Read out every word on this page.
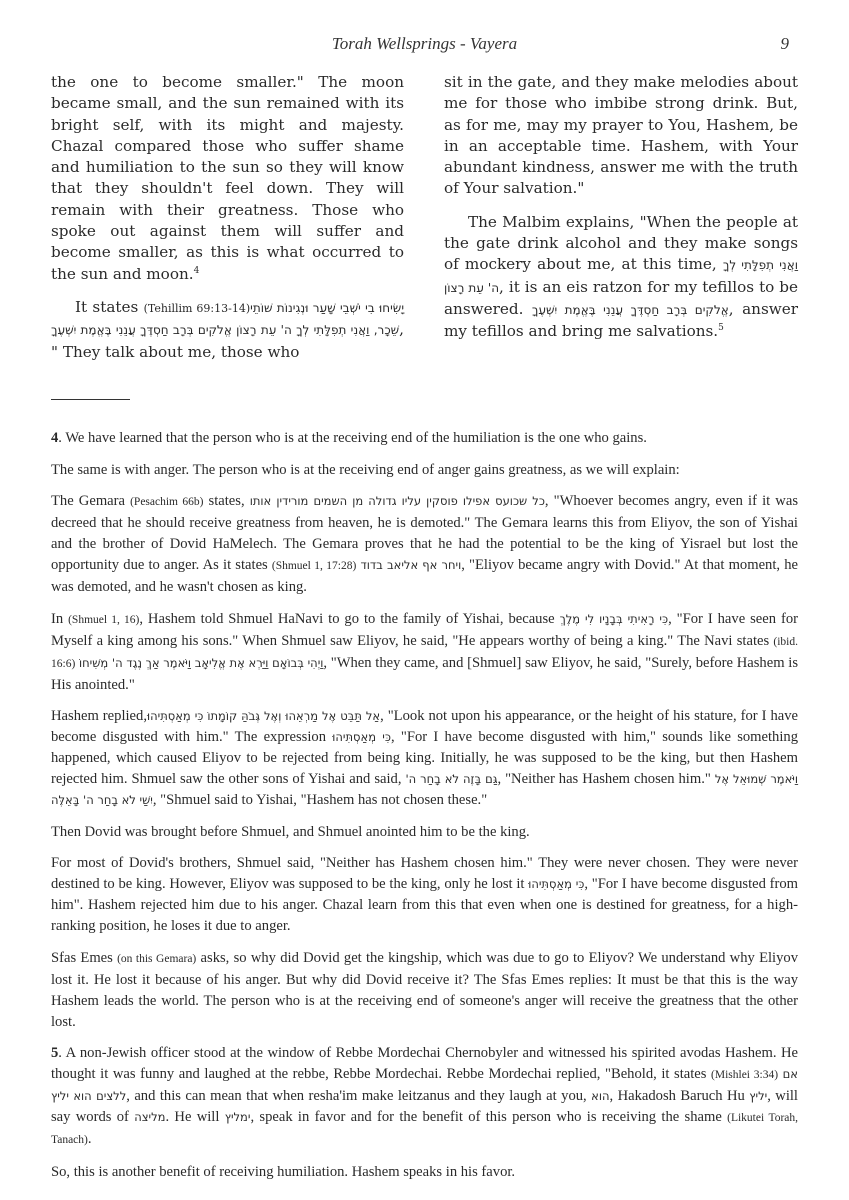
Torah Wellsprings - Vayera	9

the one to become smaller." The moon became small, and the sun remained with its bright self, with its might and majesty. Chazal compared those who suffer shame and humiliation to the sun so they will know that they shouldn't feel down. They will remain with their greatness. Those who spoke out against them will suffer and become smaller, as this is what occurred to the sun and moon.$^4$

It states (Tehillim 69:13-14)יָשִׂיחוּ בִי יֹשְׁבֵי שָׁעַר וּנְגִינוֹת שׁוֹתֵי שֵׁכָר, וַאֲנִי תְפִלָּתִי לְךָ ה' עֵת רָצוֹן אֱלֹקִים בְּרָב חַסְדֶּךָ עֲנֵנִי בֶּאֱמֶת יִשְׁעֶךָ, " They talk about me, those who

sit in the gate, and they make melodies about me for those who imbibe strong drink. But, as for me, may my prayer to You, Hashem, be in an acceptable time. Hashem, with Your abundant kindness, answer me with the truth of Your salvation."

The Malbim explains, "When the people at the gate drink alcohol and they make songs of mockery about me, at this time, וַאֲנִי תְפִלָּתִי לְךָ ה' עֵת רָצוֹן, it is an eis ratzon for my tefillos to be answered. אֱלֹקִים בְּרָב חַסְדֶּךָ עֲנֵנִי בֶּאֱמֶת יִשְׁעֶךָ, answer my tefillos and bring me salvations.$^5$

4. We have learned that the person who is at the receiving end of the humiliation is the one who gains.

The same is with anger. The person who is at the receiving end of anger gains greatness, as we will explain:

The Gemara (Pesachim 66b) states, כל שכועס אפילו פוסקין עליו גדולה מן השמים מורידין אותו, "Whoever becomes angry, even if it was decreed that he should receive greatness from heaven, he is demoted." The Gemara learns this from Eliyov, the son of Yishai and the brother of Dovid HaMelech. The Gemara proves that he had the potential to be the king of Yisrael but lost the opportunity due to anger. As it states (Shmuel 1, 17:28) ויחר אף אליאב בדוד, "Eliyov became angry with Dovid." At that moment, he was demoted, and he wasn't chosen as king.

In (Shmuel 1, 16), Hashem told Shmuel HaNavi to go to the family of Yishai, because כִּי רָאִיתִי בְּבָנָיו לִי מֶלֶךְ, "For I have seen for Myself a king among his sons." When Shmuel saw Eliyov, he said, "He appears worthy of being a king." The Navi states (ibid. 16:6) וַיְהִי בְּבוֹאָם וַיַּרְא אֶת אֱלִיאָב וַיֹּאמֶר אַךְ נֶגֶד ה' מְשִׁיחוֹ, "When they came, and [Shmuel] saw Eliyov, he said, "Surely, before Hashem is His anointed."

Hashem replied,אַל תַּבֵּט אֶל מַרְאֵהוּ וְאֶל גְּבֹהַּ קוֹמָתוֹ כִּי מְאַסְתִּיהוּ, "Look not upon his appearance, or the height of his stature, for I have become disgusted with him." The expression כִּי מְאַסְתִּיהוּ, "For I have become disgusted with him," sounds like something happened, which caused Eliyov to be rejected from being king. Initially, he was supposed to be the king, but then Hashem rejected him. Shmuel saw the other sons of Yishai and said, גַּם בָּזֶה לֹא בָחַר ה', "Neither has Hashem chosen him." וַיֹּאמֶר שְׁמוּאֵל אֶל יִשַׁי לֹא בָחַר ה' בָּאֵלֶּה, "Shmuel said to Yishai, "Hashem has not chosen these."

Then Dovid was brought before Shmuel, and Shmuel anointed him to be the king.

For most of Dovid's brothers, Shmuel said, "Neither has Hashem chosen him." They were never chosen. They were never destined to be king. However, Eliyov was supposed to be the king, only he lost it כִּי מְאַסְתִּיהוּ, "For I have become disgusted from him". Hashem rejected him due to his anger. Chazal learn from this that even when one is destined for greatness, for a high-ranking position, he loses it due to anger.

Sfas Emes (on this Gemara) asks, so why did Dovid get the kingship, which was due to go to Eliyov? We understand why Eliyov lost it. He lost it because of his anger. But why did Dovid receive it? The Sfas Emes replies: It must be that this is the way Hashem leads the world. The person who is at the receiving end of someone's anger will receive the greatness that the other lost.

5. A non-Jewish officer stood at the window of Rebbe Mordechai Chernobyler and witnessed his spirited avodas Hashem. He thought it was funny and laughed at the rebbe, Rebbe Mordechai. Rebbe Mordechai replied, "Behold, it states (Mishlei 3:34) אם ללצים הוא יליץ, and this can mean that when resha'im make leitzanus and they laugh at you, הוא, Hakadosh Baruch Hu יליץ, will say words of מליצה. He will ימליץ, speak in favor and for the benefit of this person who is receiving the shame (Likutei Torah, Tanach).

So, this is another benefit of receiving humiliation. Hashem speaks in his favor.
